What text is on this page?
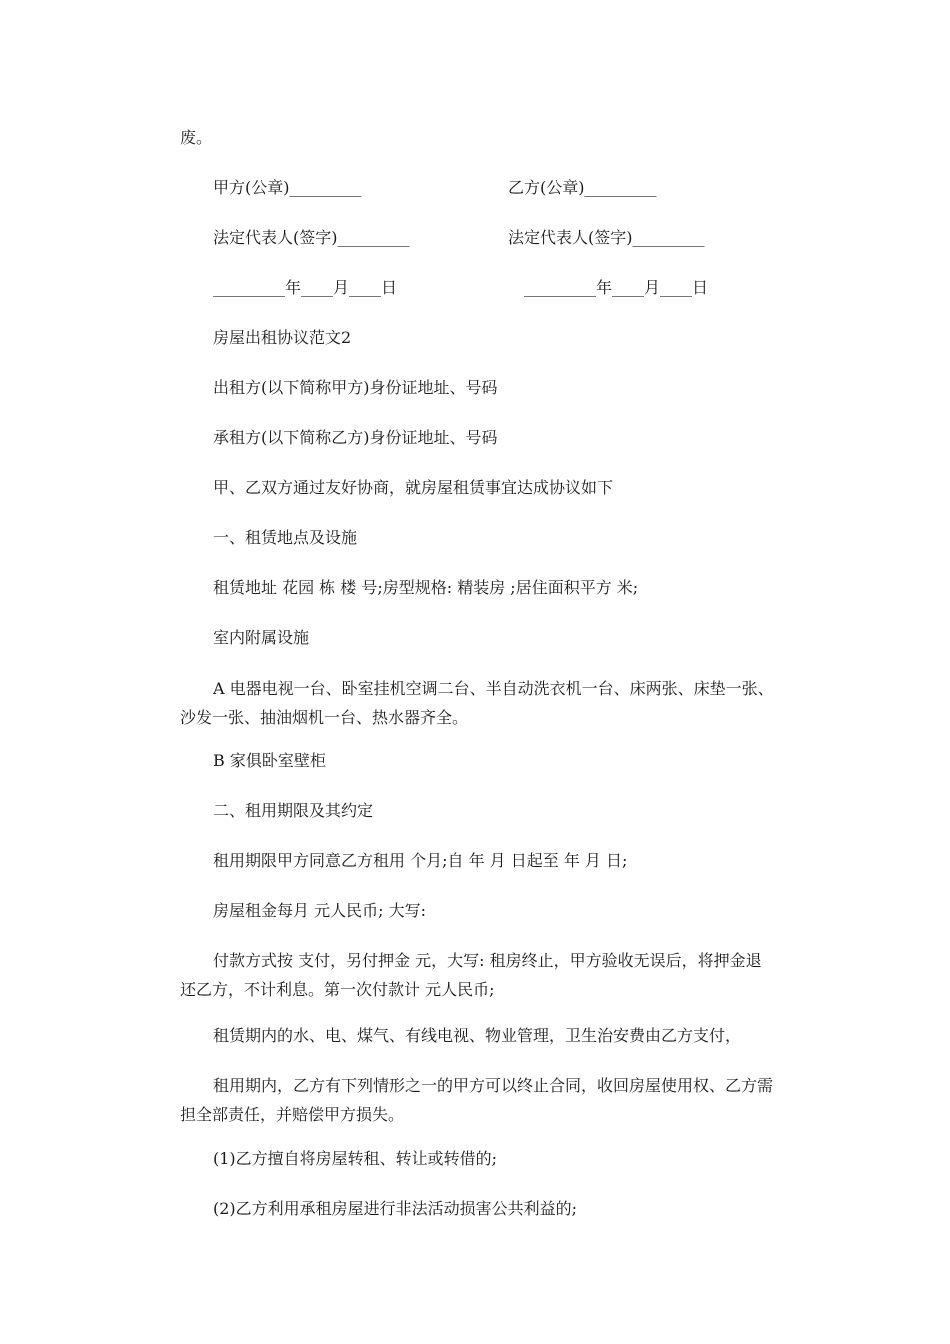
废。
甲方(公章)_________	乙方(公章)_________
法定代表人(签字)_________	法定代表人(签字)_________
_________年____月____日	_________年____月____日
房屋出租协议范文2
出租方(以下简称甲方)身份证地址、号码
承租方(以下简称乙方)身份证地址、号码
甲、乙双方通过友好协商，就房屋租赁事宜达成协议如下
一、租赁地点及设施
租赁地址 花园 栋 楼 号;房型规格: 精装房 ;居住面积平方 米;
室内附属设施
A 电器电视一台、卧室挂机空调二台、半自动洗衣机一台、床两张、床垫一张、沙发一张、抽油烟机一台、热水器齐全。
B 家俱卧室壁柜
二、租用期限及其约定
租用期限甲方同意乙方租用 个月;自 年 月 日起至 年 月 日;
房屋租金每月 元人民币; 大写:
付款方式按 支付，另付押金 元，大写: 租房终止，甲方验收无误后，将押金退还乙方，不计利息。第一次付款计 元人民币;
租赁期内的水、电、煤气、有线电视、物业管理，卫生治安费由乙方支付，
租用期内，乙方有下列情形之一的甲方可以终止合同，收回房屋使用权、乙方需担全部责任，并赔偿甲方损失。
(1)乙方擅自将房屋转租、转让或转借的;
(2)乙方利用承租房屋进行非法活动损害公共利益的;
